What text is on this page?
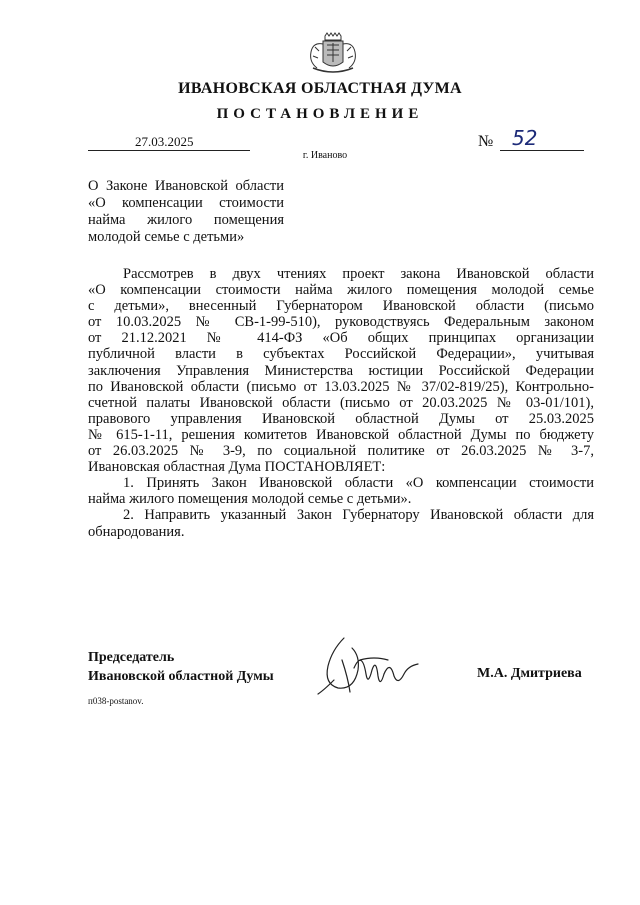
ИВАНОВСКАЯ ОБЛАСТНАЯ ДУМА
ПОСТАНОВЛЕНИЕ
27.03.2025	№ 52
г. Иваново
О Законе Ивановской области
«О компенсации стоимости
найма жилого помещения
молодой семье с детьми»
Рассмотрев в двух чтениях проект закона Ивановской области
«О компенсации стоимости найма жилого помещения молодой семье
с детьми», внесенный Губернатором Ивановской области (письмо
от 10.03.2025 № СВ-1-99-510), руководствуясь Федеральным законом
от 21.12.2021 № 414-ФЗ «Об общих принципах организации
публичной власти в субъектах Российской Федерации», учитывая
заключения Управления Министерства юстиции Российской Федерации
по Ивановской области (письмо от 13.03.2025 № 37/02-819/25), Контрольно-
счетной палаты Ивановской области (письмо от 20.03.2025 № 03-01/101),
правового управления Ивановской областной Думы от 25.03.2025
№ 615-1-11, решения комитетов Ивановской областной Думы по бюджету
от 26.03.2025 № 3-9, по социальной политике от 26.03.2025 № 3-7,
Ивановская областная Дума ПОСТАНОВЛЯЕТ:
1. Принять Закон Ивановской области «О компенсации стоимости
найма жилого помещения молодой семье с детьми».
2. Направить указанный Закон Губернатору Ивановской области для
обнародования.
Председатель
Ивановской областной Думы	М.А. Дмитриева
п038-postanov.
